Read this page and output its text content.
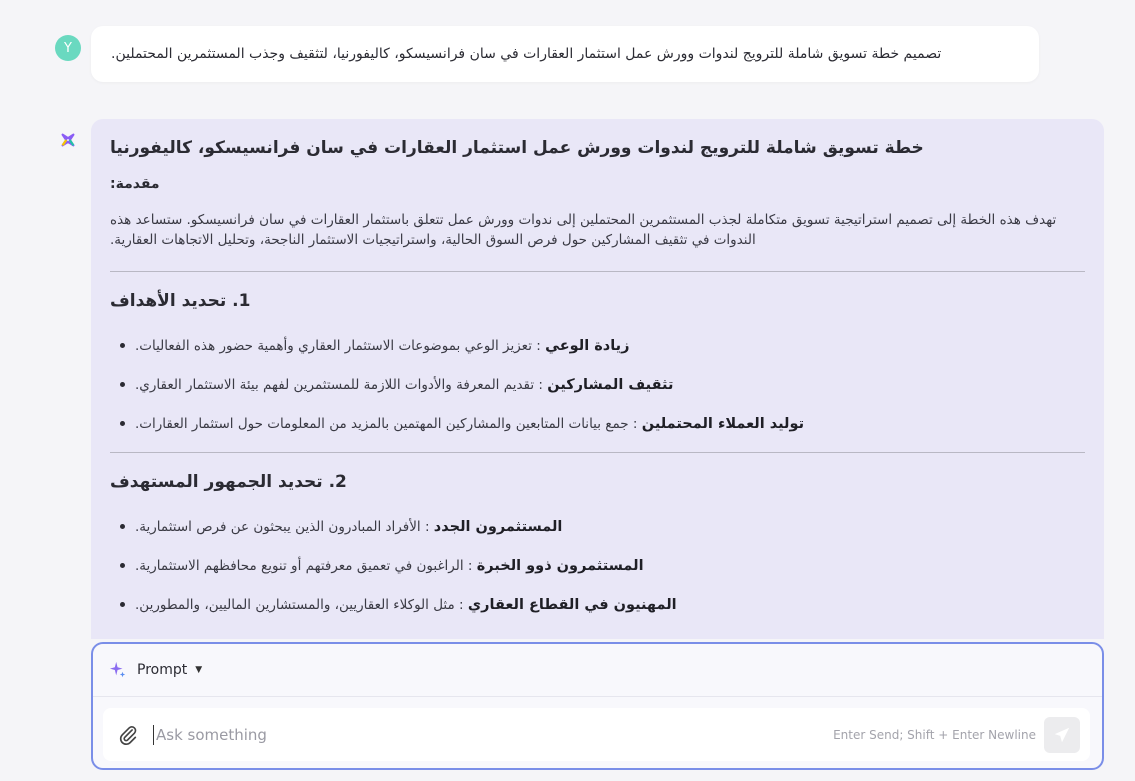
Y	تصميم خطة تسويق شاملة للترويج لندوات وورش عمل استثمار العقارات في سان فرانسيسكو، كاليفورنيا، لتثقيف وجذب المستثمرين المحتملين.
خطة تسويق شاملة للترويج لندوات وورش عمل استثمار العقارات في سان فرانسيسكو، كاليفورنيا
مقدمة:
تهدف هذه الخطة إلى تصميم استراتيجية تسويق متكاملة لجذب المستثمرين المحتملين إلى ندوات وورش عمل تتعلق باستثمار العقارات في سان فرانسيسكو. ستساعد هذه الندوات في تثقيف المشاركين حول فرص السوق الحالية، واستراتيجيات الاستثمار الناجحة، وتحليل الاتجاهات العقارية.
1. تحديد الأهداف
زيادة الوعي : تعزيز الوعي بموضوعات الاستثمار العقاري وأهمية حضور هذه الفعاليات.
تثقيف المشاركين : تقديم المعرفة والأدوات اللازمة للمستثمرين لفهم بيئة الاستثمار العقاري.
توليد العملاء المحتملين : جمع بيانات المتابعين والمشاركين المهتمين بالمزيد من المعلومات حول استثمار العقارات.
2. تحديد الجمهور المستهدف
المستثمرون الجدد : الأفراد المبادرون الذين يبحثون عن فرص استثمارية.
المستثمرون ذوو الخبرة : الراغبون في تعميق معرفتهم أو تنويع محافظهم الاستثمارية.
المهنيون في القطاع العقاري : مثل الوكلاء العقاريين، والمستشارين الماليين، والمطورين.
Prompt ▼
Ask something
Enter Send; Shift + Enter Newline
